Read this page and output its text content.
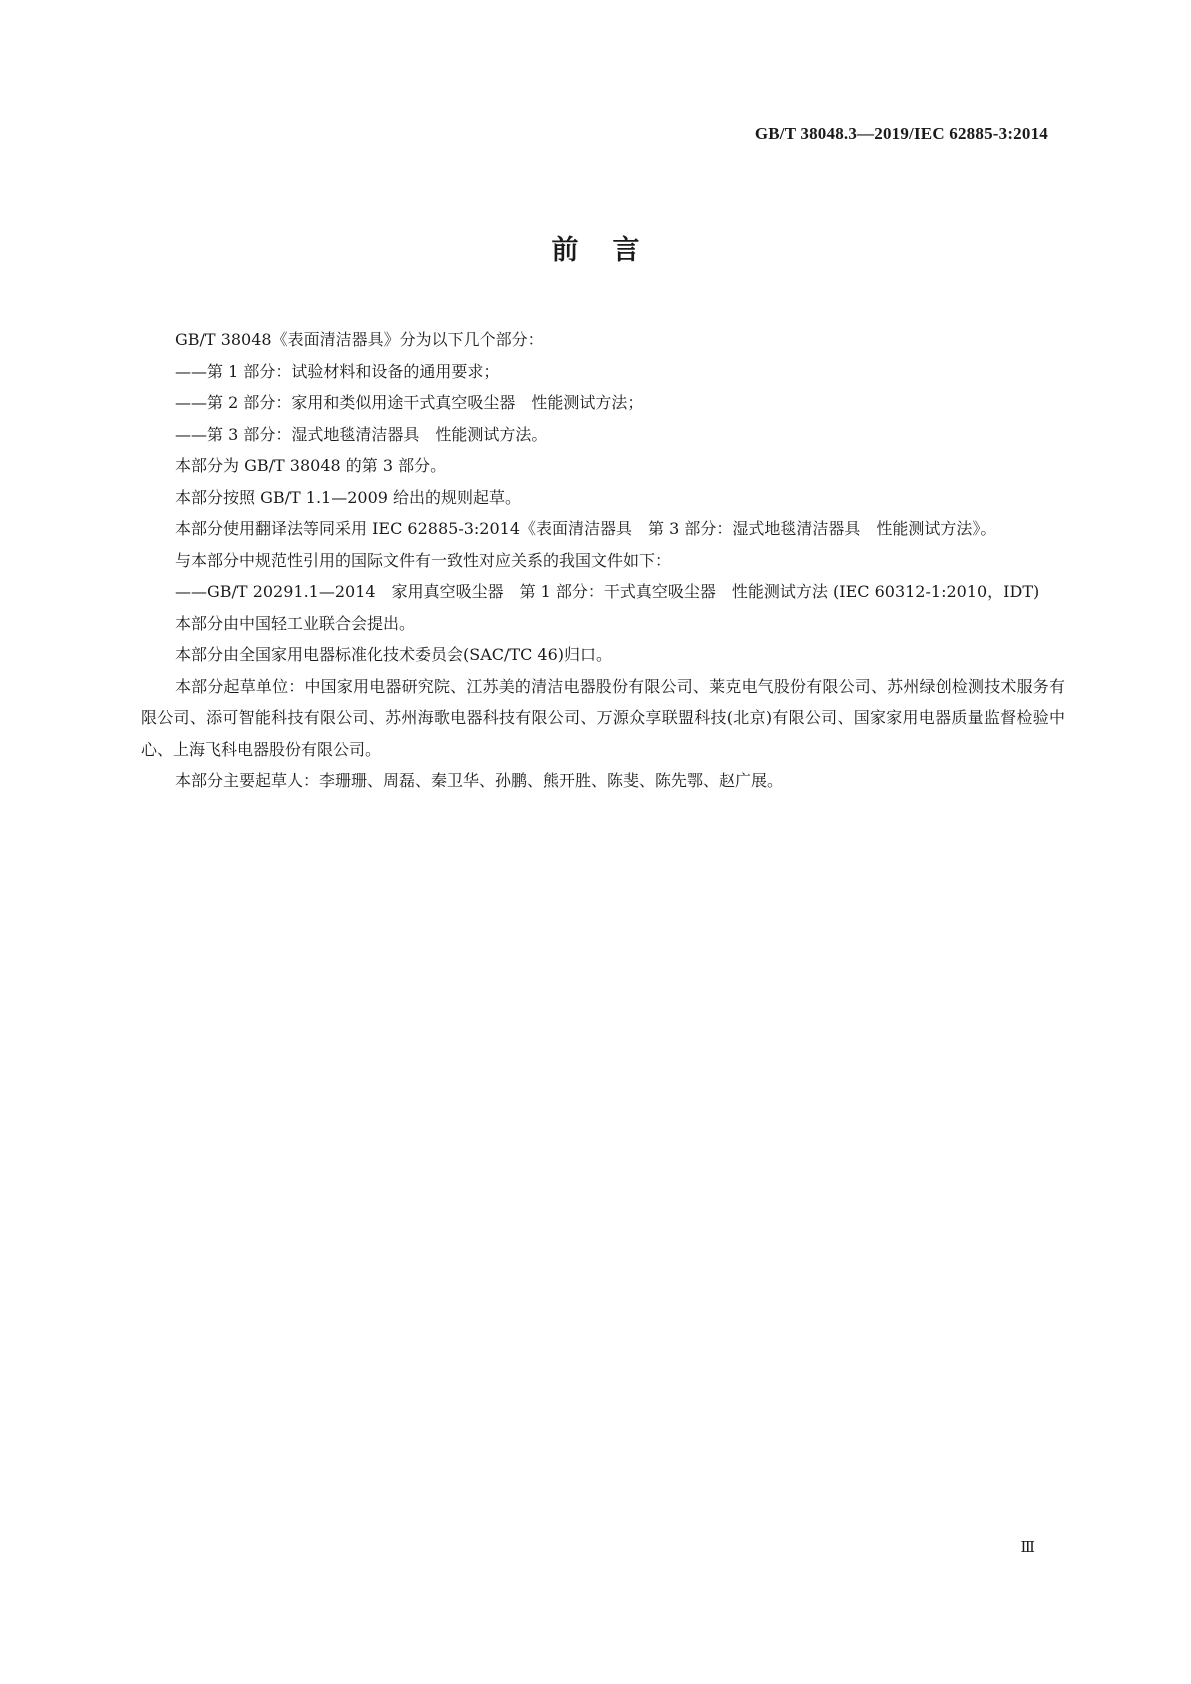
GB/T 38048.3—2019/IEC 62885-3:2014
前言

GB/T 38048《表面清洁器具》分为以下几个部分：

——第 1 部分：试验材料和设备的通用要求；

——第 2 部分：家用和类似用途干式真空吸尘器　性能测试方法；

——第 3 部分：湿式地毯清洁器具　性能测试方法。

本部分为 GB/T 38048 的第 3 部分。

本部分按照 GB/T 1.1—2009 给出的规则起草。

本部分使用翻译法等同采用 IEC 62885-3:2014《表面清洁器具　第 3 部分：湿式地毯清洁器具　性能测试方法》。

与本部分中规范性引用的国际文件有一致性对应关系的我国文件如下：

——GB/T 20291.1—2014　家用真空吸尘器　第 1 部分：干式真空吸尘器　性能测试方法 (IEC 60312-1:2010，IDT)

本部分由中国轻工业联合会提出。

本部分由全国家用电器标准化技术委员会(SAC/TC 46)归口。

本部分起草单位：中国家用电器研究院、江苏美的清洁电器股份有限公司、莱克电气股份有限公司、苏州绿创检测技术服务有限公司、添可智能科技有限公司、苏州海歌电器科技有限公司、万源众享联盟科技(北京)有限公司、国家家用电器质量监督检验中心、上海飞科电器股份有限公司。

本部分主要起草人：李珊珊、周磊、秦卫华、孙鹏、熊开胜、陈斐、陈先鄂、赵广展。

Ⅲ
